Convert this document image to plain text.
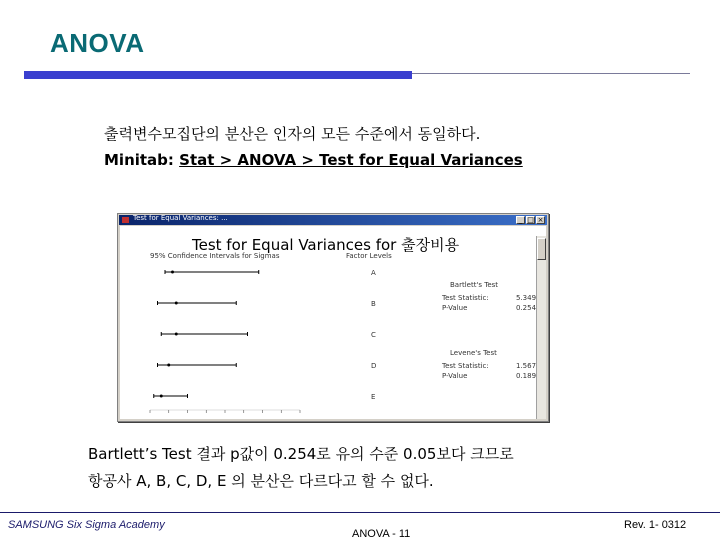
ANOVA
출력변수모집단의 분산은 인자의 모든 수준에서 동일하다.
Minitab: Stat > ANOVA > Test for Equal Variances
Test for Equal Variances: ...	_ □ ×
Test for Equal Variances for 출장비용
95% Confidence Intervals for Sigmas	Factor Levels
A
B
C
D
E
Bartlett's Test
Test Statistic:	5.349
P-Value	0.254
Levene's Test
Test Statistic:	1.567
P-Value	0.189
Bartlett’s Test 결과 p값이 0.254로 유의 수준 0.05보다 크므로
항공사 A, B, C, D, E 의 분산은 다르다고 할 수 없다.
SAMSUNG Six Sigma Academy
ANOVA - 11
Rev. 1- 0312
